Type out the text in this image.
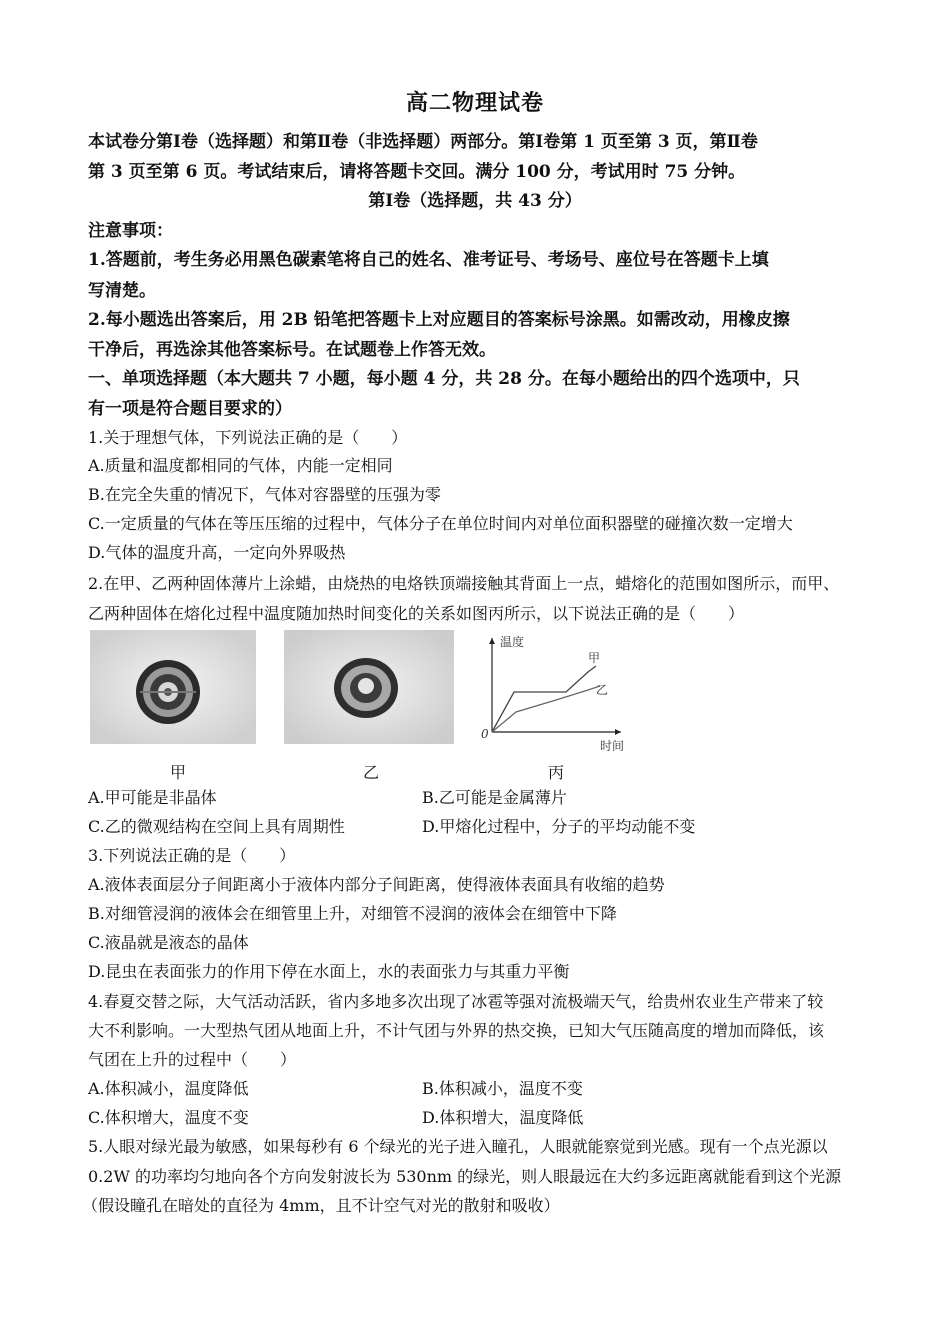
高二物理试卷
本试卷分第Ⅰ卷（选择题）和第Ⅱ卷（非选择题）两部分。第Ⅰ卷第 1 页至第 3 页，第Ⅱ卷
第 3 页至第 6 页。考试结束后，请将答题卡交回。满分 100 分，考试用时 75 分钟。
第Ⅰ卷（选择题，共 43 分）
注意事项：
1.答题前，考生务必用黑色碳素笔将自己的姓名、准考证号、考场号、座位号在答题卡上填
写清楚。
2.每小题选出答案后，用 2B 铅笔把答题卡上对应题目的答案标号涂黑。如需改动，用橡皮擦
干净后，再选涂其他答案标号。在试题卷上作答无效。
一、单项选择题（本大题共 7 小题，每小题 4 分，共 28 分。在每小题给出的四个选项中，只
有一项是符合题目要求的）
1.关于理想气体，下列说法正确的是（　　）
A.质量和温度都相同的气体，内能一定相同
B.在完全失重的情况下，气体对容器壁的压强为零
C.一定质量的气体在等压压缩的过程中，气体分子在单位时间内对单位面积器壁的碰撞次数一定增大
D.气体的温度升高，一定向外界吸热
2.在甲、乙两种固体薄片上涂蜡，由烧热的电烙铁顶端接触其背面上一点，蜡熔化的范围如图所示，而甲、
乙两种固体在熔化过程中温度随加热时间变化的关系如图丙所示，以下说法正确的是（　　）
温度
时间
0
甲
乙
甲	乙	丙
A.甲可能是非晶体	B.乙可能是金属薄片
C.乙的微观结构在空间上具有周期性	D.甲熔化过程中，分子的平均动能不变
3.下列说法正确的是（　　）
A.液体表面层分子间距离小于液体内部分子间距离，使得液体表面具有收缩的趋势
B.对细管浸润的液体会在细管里上升，对细管不浸润的液体会在细管中下降
C.液晶就是液态的晶体
D.昆虫在表面张力的作用下停在水面上，水的表面张力与其重力平衡
4.春夏交替之际，大气活动活跃，省内多地多次出现了冰雹等强对流极端天气，给贵州农业生产带来了较
大不利影响。一大型热气团从地面上升，不计气团与外界的热交换，已知大气压随高度的增加而降低，该
气团在上升的过程中（　　）
A.体积减小，温度降低	B.体积减小，温度不变
C.体积增大，温度不变	D.体积增大，温度降低
5.人眼对绿光最为敏感，如果每秒有 6 个绿光的光子进入瞳孔，人眼就能察觉到光感。现有一个点光源以
0.2W 的功率均匀地向各个方向发射波长为 530nm 的绿光，则人眼最远在大约多远距离就能看到这个光源
（假设瞳孔在暗处的直径为 4mm，且不计空气对光的散射和吸收）
